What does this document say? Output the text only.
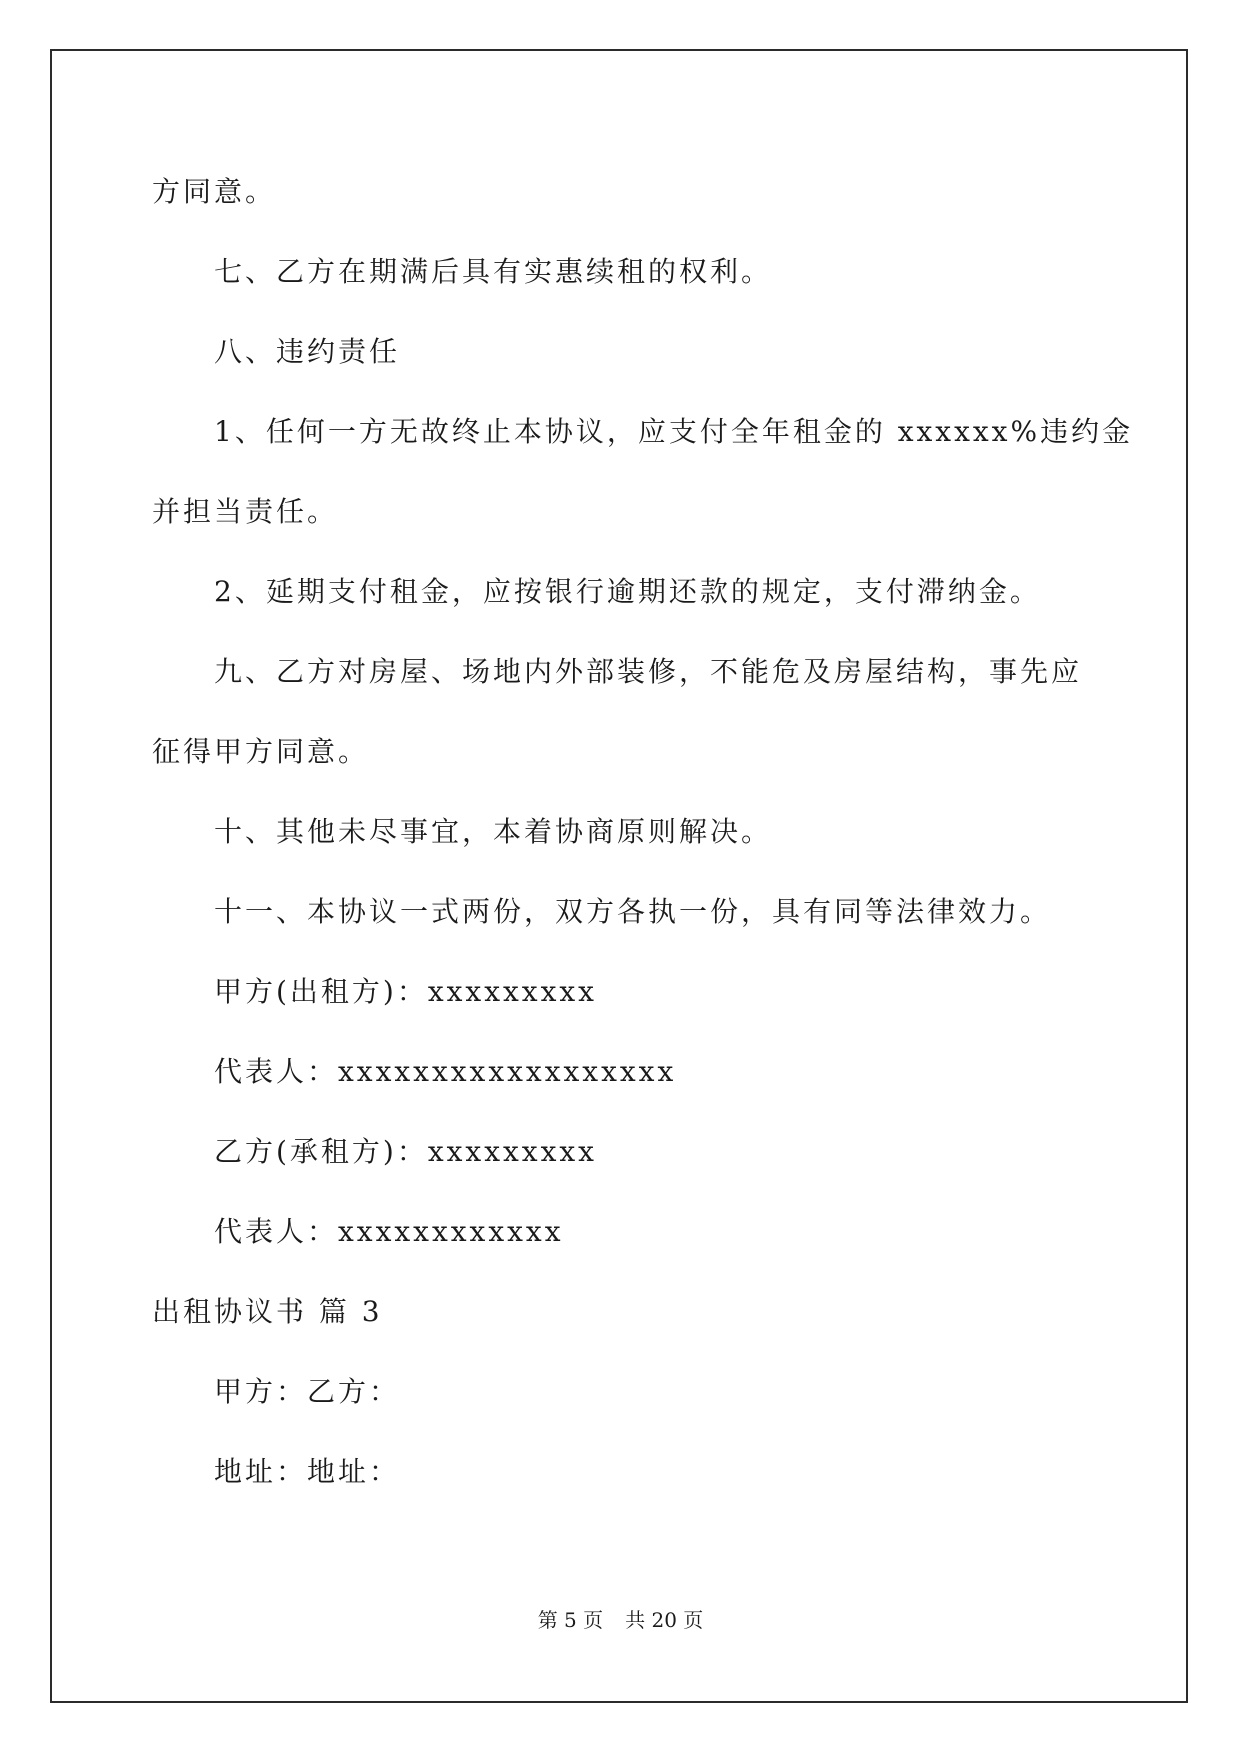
方同意。
七、乙方在期满后具有实惠续租的权利。
八、违约责任
1、任何一方无故终止本协议，应支付全年租金的 xxxxxx%违约金
并担当责任。
2、延期支付租金，应按银行逾期还款的规定，支付滞纳金。
九、乙方对房屋、场地内外部装修，不能危及房屋结构，事先应
征得甲方同意。
十、其他未尽事宜，本着协商原则解决。
十一、本协议一式两份，双方各执一份，具有同等法律效力。
甲方(出租方)：xxxxxxxxx
代表人：xxxxxxxxxxxxxxxxxx
乙方(承租方)：xxxxxxxxx
代表人：xxxxxxxxxxxx
出租协议书 篇 3
甲方：乙方：
地址：地址：
第 5 页 共 20 页
